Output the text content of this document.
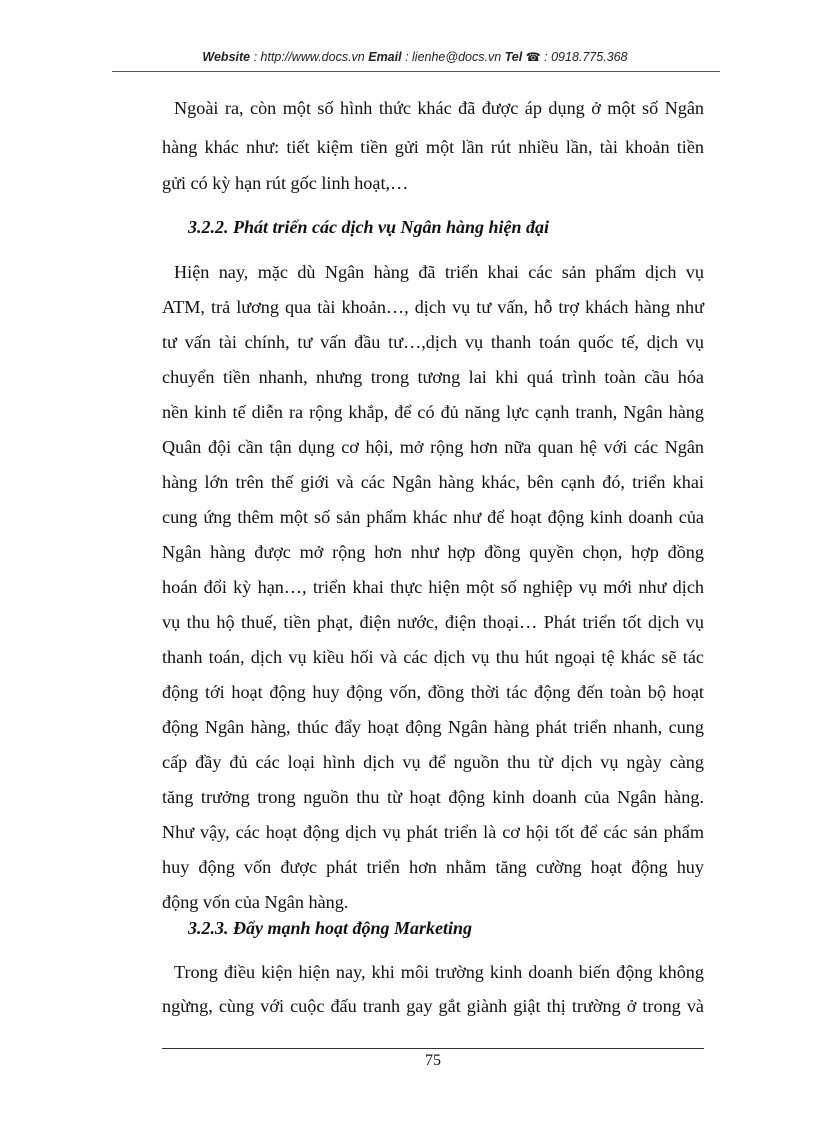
Website : http://www.docs.vn Email : lienhe@docs.vn Tel ☎ : 0918.775.368
Ngoài ra, còn một số hình thức khác đã được áp dụng ở một số Ngân
hàng khác như: tiết kiệm tiền gửi một lần rút nhiều lần, tài khoản tiền
gửi có kỳ hạn rút gốc linh hoạt,…
3.2.2. Phát triển các dịch vụ Ngân hàng hiện đại
Hiện nay, mặc dù Ngân hàng đã triển khai các sản phẩm dịch vụ
ATM, trả lương qua tài khoản…, dịch vụ tư vấn, hỗ trợ khách hàng như
tư vấn tài chính, tư vấn đầu tư…,dịch vụ thanh toán quốc tế, dịch vụ
chuyển tiền nhanh, nhưng trong tương lai khi quá trình toàn cầu hóa
nền kinh tế diễn ra rộng khắp, để có đủ năng lực cạnh tranh, Ngân hàng
Quân đội cần tận dụng cơ hội, mở rộng hơn nữa quan hệ với các Ngân
hàng lớn trên thế giới và các Ngân hàng khác, bên cạnh đó, triển khai
cung ứng thêm một số sản phẩm khác như để hoạt động kinh doanh của
Ngân hàng được mở rộng hơn như hợp đồng quyền chọn, hợp đồng
hoán đổi kỳ hạn…, triển khai thực hiện một số nghiệp vụ mới như dịch
vụ thu hộ thuế, tiền phạt, điện nước, điện thoại… Phát triển tốt dịch vụ
thanh toán, dịch vụ kiều hối và các dịch vụ thu hút ngoại tệ khác sẽ tác
động tới hoạt động huy động vốn, đồng thời tác động đến toàn bộ hoạt
động Ngân hàng, thúc đẩy hoạt động Ngân hàng phát triển nhanh, cung
cấp đầy đủ các loại hình dịch vụ để nguồn thu từ dịch vụ ngày càng
tăng trưởng trong nguồn thu từ hoạt động kinh doanh của Ngân hàng.
Như vậy, các hoạt động dịch vụ phát triển là cơ hội tốt để các sản phẩm
huy động vốn được phát triển hơn nhằm tăng cường hoạt động huy
động vốn của Ngân hàng.
3.2.3. Đẩy mạnh hoạt động Marketing
Trong điều kiện hiện nay, khi môi trường kinh doanh biến động không
ngừng, cùng với cuộc đấu tranh gay gắt giành giật thị trường ở trong và
75
